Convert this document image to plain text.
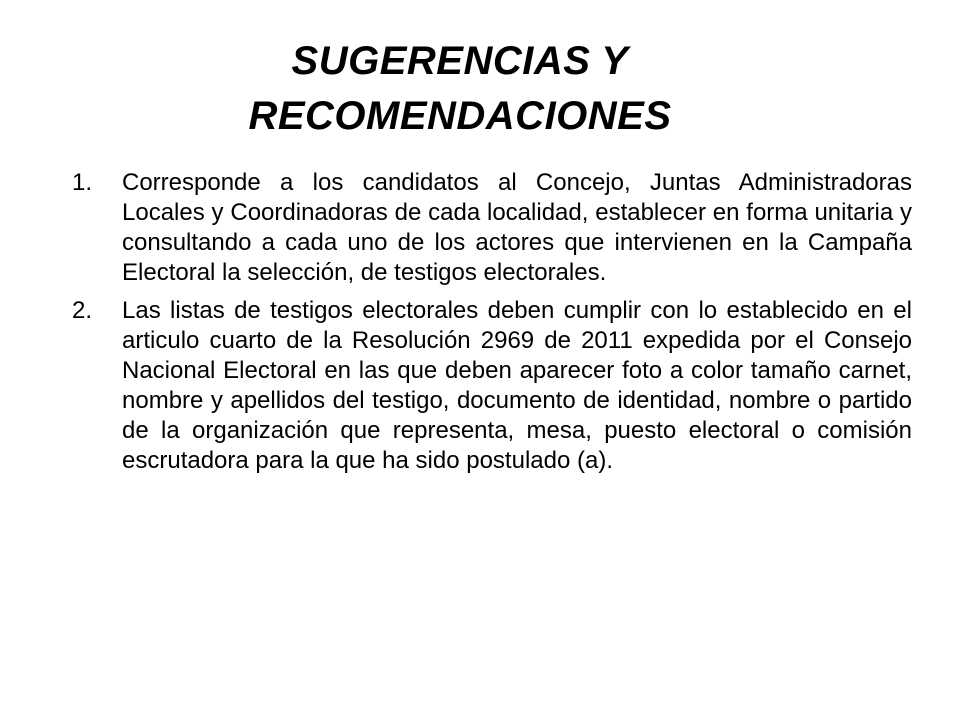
SUGERENCIAS Y RECOMENDACIONES
1.	Corresponde a los candidatos al Concejo, Juntas Administradoras Locales y Coordinadoras de cada localidad, establecer en forma unitaria y consultando a cada uno de los actores que intervienen en la Campaña Electoral la selección, de testigos electorales.
2.	Las listas de testigos electorales deben cumplir con lo establecido en el articulo cuarto de la Resolución 2969 de 2011 expedida por el Consejo Nacional Electoral en las que deben aparecer foto a color tamaño carnet, nombre y apellidos del testigo, documento de identidad, nombre o partido de la organización que representa, mesa, puesto electoral o comisión escrutadora para la que ha sido postulado (a).
